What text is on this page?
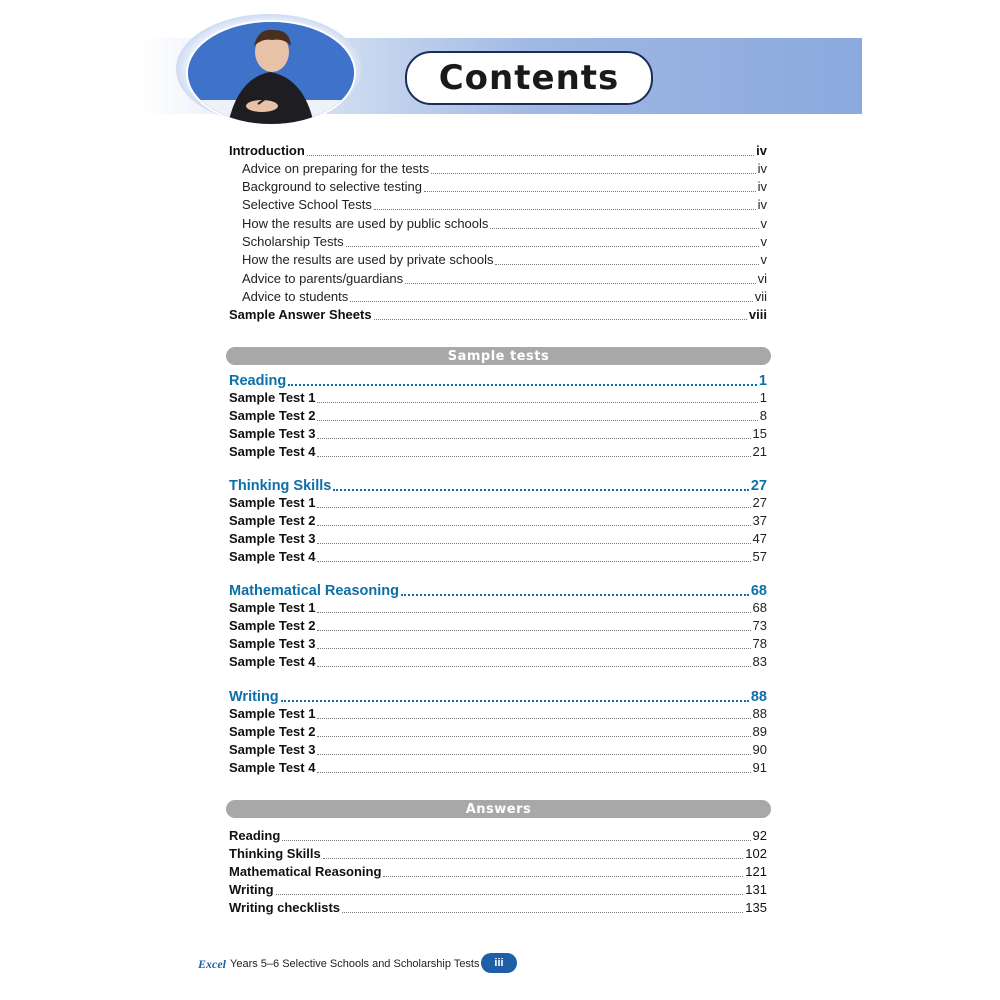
Contents
Introduction	iv
Advice on preparing for the tests	iv
Background to selective testing	iv
Selective School Tests	iv
How the results are used by public schools	v
Scholarship Tests	v
How the results are used by private schools	v
Advice to parents/guardians	vi
Advice to students	vii
Sample Answer Sheets	viii
Sample tests
Reading	1
Sample Test 1	1
Sample Test 2	8
Sample Test 3	15
Sample Test 4	21
Thinking Skills	27
Sample Test 1	27
Sample Test 2	37
Sample Test 3	47
Sample Test 4	57
Mathematical Reasoning	68
Sample Test 1	68
Sample Test 2	73
Sample Test 3	78
Sample Test 4	83
Writing	88
Sample Test 1	88
Sample Test 2	89
Sample Test 3	90
Sample Test 4	91
Answers
Reading	92
Thinking Skills	102
Mathematical Reasoning	121
Writing	131
Writing checklists	135
Excel Years 5–6 Selective Schools and Scholarship Tests iii
